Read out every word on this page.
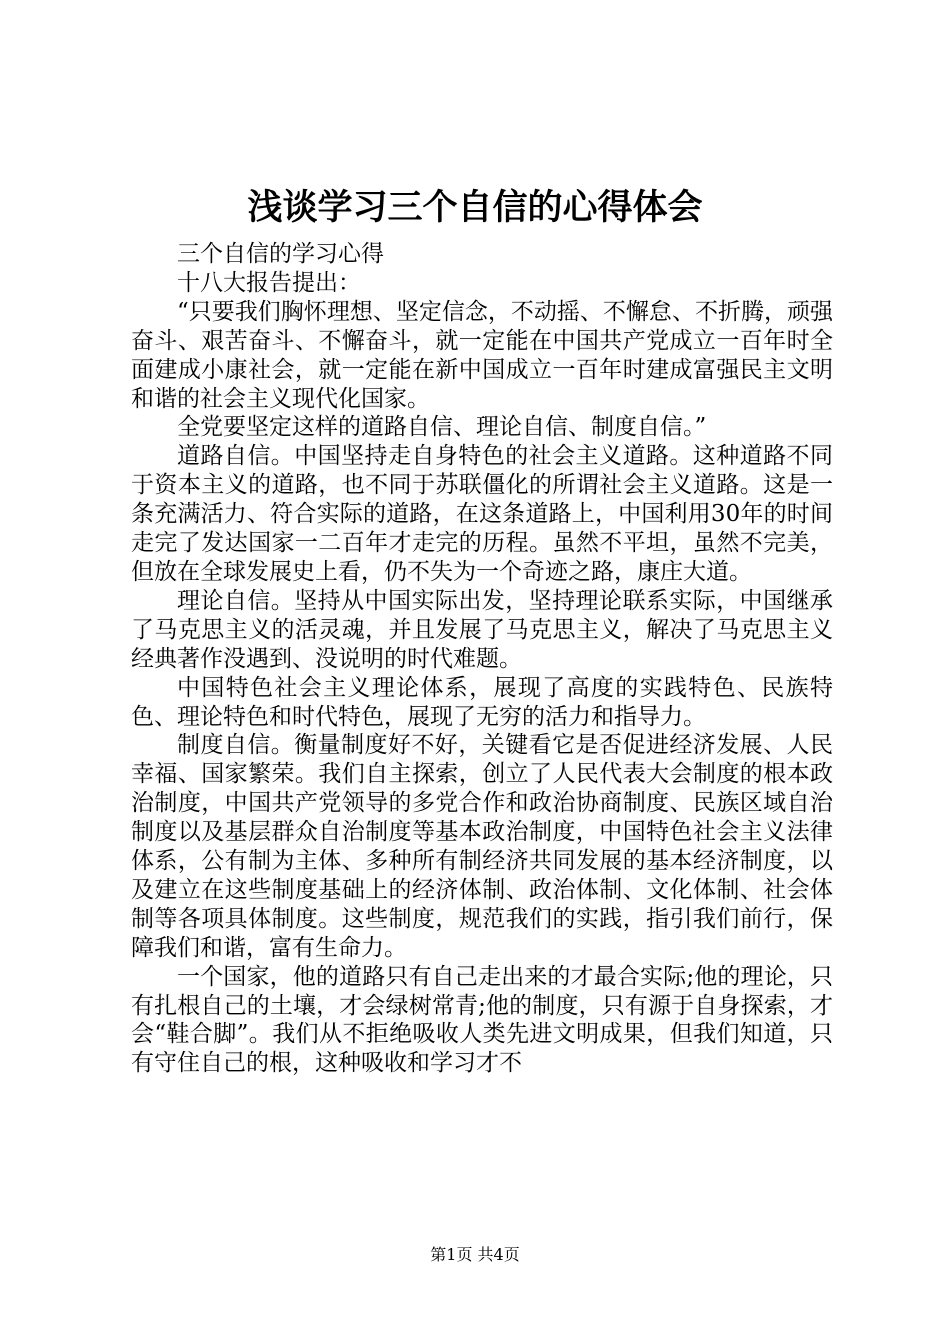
浅谈学习三个自信的心得体会

三个自信的学习心得

十八大报告提出：

“只要我们胸怀理想、坚定信念，不动摇、不懈怠、不折腾，顽强奋斗、艰苦奋斗、不懈奋斗，就一定能在中国共产党成立一百年时全面建成小康社会，就一定能在新中国成立一百年时建成富强民主文明和谐的社会主义现代化国家。

全党要坚定这样的道路自信、理论自信、制度自信。”

道路自信。中国坚持走自身特色的社会主义道路。这种道路不同于资本主义的道路，也不同于苏联僵化的所谓社会主义道路。这是一条充满活力、符合实际的道路，在这条道路上，中国利用30年的时间走完了发达国家一二百年才走完的历程。虽然不平坦，虽然不完美，但放在全球发展史上看，仍不失为一个奇迹之路，康庄大道。

理论自信。坚持从中国实际出发，坚持理论联系实际，中国继承了马克思主义的活灵魂，并且发展了马克思主义，解决了马克思主义经典著作没遇到、没说明的时代难题。

中国特色社会主义理论体系，展现了高度的实践特色、民族特色、理论特色和时代特色，展现了无穷的活力和指导力。

制度自信。衡量制度好不好，关键看它是否促进经济发展、人民幸福、国家繁荣。我们自主探索，创立了人民代表大会制度的根本政治制度，中国共产党领导的多党合作和政治协商制度、民族区域自治制度以及基层群众自治制度等基本政治制度，中国特色社会主义法律体系，公有制为主体、多种所有制经济共同发展的基本经济制度，以及建立在这些制度基础上的经济体制、政治体制、文化体制、社会体制等各项具体制度。这些制度，规范我们的实践，指引我们前行，保障我们和谐，富有生命力。

一个国家，他的道路只有自己走出来的才最合实际;他的理论，只有扎根自己的土壤，才会绿树常青;他的制度，只有源于自身探索，才会“鞋合脚”。我们从不拒绝吸收人类先进文明成果，但我们知道，只有守住自己的根，这种吸收和学习才不

第1页 共4页
